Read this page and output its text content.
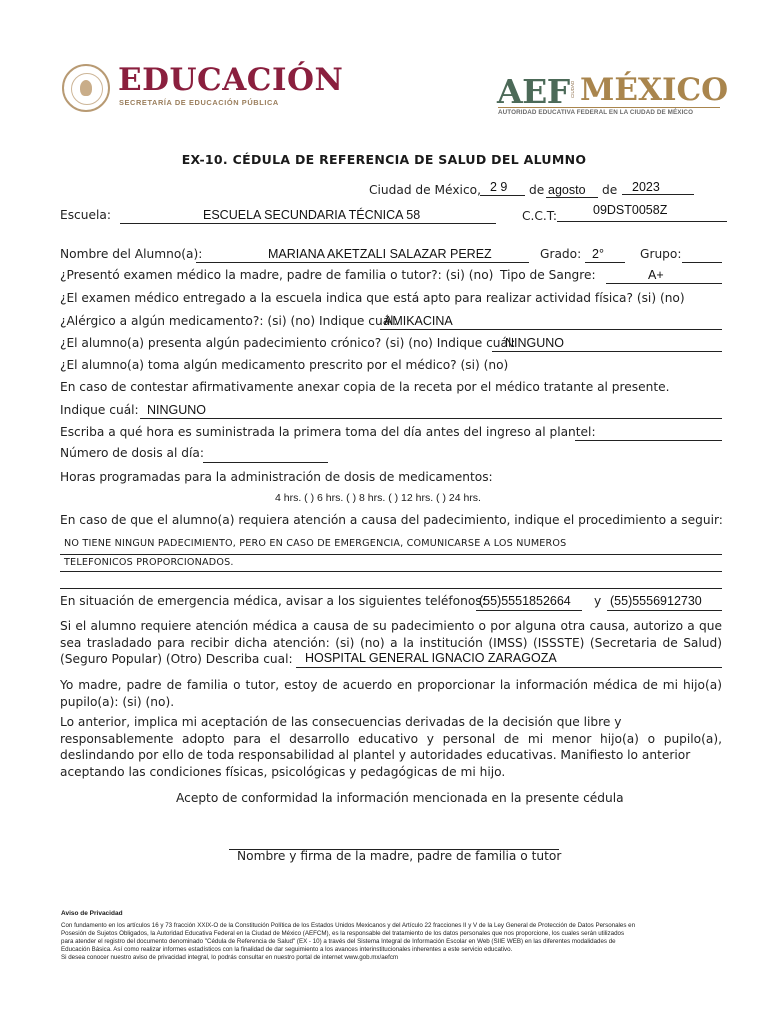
EDUCACIÓN
SECRETARÍA DE EDUCACIÓN PÚBLICA	AEF CIUDAD MÉXICO
AUTORIDAD EDUCATIVA FEDERAL EN LA CIUDAD DE MÉXICO
EX-10. CÉDULA DE REFERENCIA DE SALUD DEL ALUMNO
Ciudad de México, 2 9 de agosto de 2023
Escuela:	ESCUELA SECUNDARIA TÉCNICA 58	C.C.T:	09DST0058Z
Nombre del Alumno(a):	MARIANA AKETZALI SALAZAR PEREZ	Grado: 2°	Grupo:
¿Presentó examen médico la madre, padre de familia o tutor?: (si) (no) Tipo de Sangre:	A+
¿El examen médico entregado a la escuela indica que está apto para realizar actividad física? (si) (no)
¿Alérgico a algún medicamento?: (si) (no) Indique cuál:
AMIKACINA
¿El alumno(a) presenta algún padecimiento crónico? (si) (no) Indique cuál:
NINGUNO
¿El alumno(a) toma algún medicamento prescrito por el médico? (si) (no)
En caso de contestar afirmativamente anexar copia de la receta por el médico tratante al presente.
Indique cuál: NINGUNO
Escriba a qué hora es suministrada la primera toma del día antes del ingreso al plantel:
Número de dosis al día:
Horas programadas para la administración de dosis de medicamentos:
4 hrs. ( ) 6 hrs. ( ) 8 hrs. ( ) 12 hrs. ( ) 24 hrs.
En caso de que el alumno(a) requiera atención a causa del padecimiento, indique el procedimiento a seguir:
NO TIENE NINGUN PADECIMIENTO, PERO EN CASO DE EMERGENCIA, COMUNICARSE A LOS NUMEROS
TELEFONICOS PROPORCIONADOS.
En situación de emergencia médica, avisar a los siguientes teléfonos:
(55)5551852664 y (55)5556912730
Si el alumno requiere atención médica a causa de su padecimiento o por alguna otra causa, autorizo a que
sea trasladado para recibir dicha atención: (si) (no) a la institución (IMSS) (ISSSTE) (Secretaria de Salud)
(Seguro Popular) (Otro) Describa cual: HOSPITAL GENERAL IGNACIO ZARAGOZA
Yo madre, padre de familia o tutor, estoy de acuerdo en proporcionar la información médica de mi hijo(a)
pupilo(a): (si) (no).
Lo anterior, implica mi aceptación de las consecuencias derivadas de la decisión que libre y
responsablemente adopto para el desarrollo educativo y personal de mi menor hijo(a) o pupilo(a),
deslindando por ello de toda responsabilidad al plantel y autoridades educativas. Manifiesto lo anterior
aceptando las condiciones físicas, psicológicas y pedagógicas de mi hijo.
Acepto de conformidad la información mencionada en la presente cédula
Nombre y firma de la madre, padre de familia o tutor
Aviso de Privacidad
Con fundamento en los artículos 16 y 73 fracción XXIX-O de la Constitución Política de los Estados Unidos Mexicanos y del Artículo 22 fracciones II y V de la Ley General de Protección de Datos Personales en
Posesión de Sujetos Obligados, la Autoridad Educativa Federal en la Ciudad de México (AEFCM), es la responsable del tratamiento de los datos personales que nos proporcione, los cuales serán utilizados
para atender el registro del documento denominado "Cédula de Referencia de Salud" (EX - 10) a través del Sistema Integral de Información Escolar en Web (SIIE WEB) en las diferentes modalidades de
Educación Básica. Así como realizar informes estadísticos con la finalidad de dar seguimiento a los avances interinstitucionales inherentes a este servicio educativo.
Si desea conocer nuestro aviso de privacidad integral, lo podrás consultar en nuestro portal de internet www.gob.mx/aefcm
